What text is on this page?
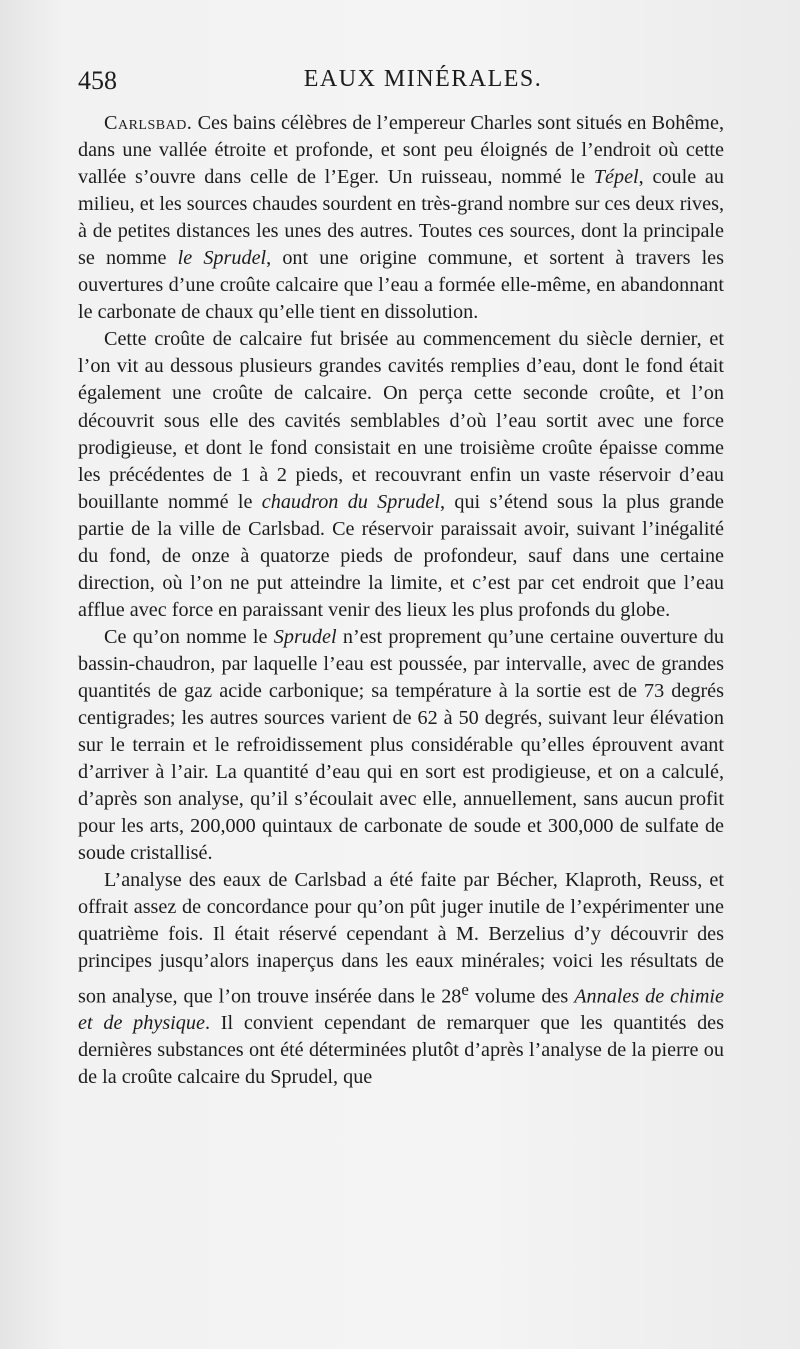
458	EAUX MINÉRALES.

Carlsbad. Ces bains célèbres de l’empereur Charles sont situés en Bohême, dans une vallée étroite et profonde, et sont peu éloignés de l’endroit où cette vallée s’ouvre dans celle de l’Eger. Un ruisseau, nommé le Tépel, coule au milieu, et les sources chaudes sourdent en très-grand nombre sur ces deux rives, à de petites distances les unes des autres. Toutes ces sources, dont la principale se nomme le Sprudel, ont une origine commune, et sortent à travers les ouvertures d’une croûte calcaire que l’eau a formée elle-même, en abandonnant le carbonate de chaux qu’elle tient en dissolution.

Cette croûte de calcaire fut brisée au commencement du siècle dernier, et l’on vit au dessous plusieurs grandes cavités remplies d’eau, dont le fond était également une croûte de calcaire. On perça cette seconde croûte, et l’on découvrit sous elle des cavités semblables d’où l’eau sortit avec une force prodigieuse, et dont le fond consistait en une troisième croûte épaisse comme les précédentes de 1 à 2 pieds, et recouvrant enfin un vaste réservoir d’eau bouillante nommé le chaudron du Sprudel, qui s’étend sous la plus grande partie de la ville de Carlsbad. Ce réservoir paraissait avoir, suivant l’inégalité du fond, de onze à quatorze pieds de profondeur, sauf dans une certaine direction, où l’on ne put atteindre la limite, et c’est par cet endroit que l’eau afflue avec force en paraissant venir des lieux les plus profonds du globe.

Ce qu’on nomme le Sprudel n’est proprement qu’une certaine ouverture du bassin-chaudron, par laquelle l’eau est poussée, par intervalle, avec de grandes quantités de gaz acide carbonique; sa température à la sortie est de 73 degrés centigrades; les autres sources varient de 62 à 50 degrés, suivant leur élévation sur le terrain et le refroidissement plus considérable qu’elles éprouvent avant d’arriver à l’air. La quantité d’eau qui en sort est prodigieuse, et on a calculé, d’après son analyse, qu’il s’écoulait avec elle, annuellement, sans aucun profit pour les arts, 200,000 quintaux de carbonate de soude et 300,000 de sulfate de soude cristallisé.

L’analyse des eaux de Carlsbad a été faite par Bécher, Klaproth, Reuss, et offrait assez de concordance pour qu’on pût juger inutile de l’expérimenter une quatrième fois. Il était réservé cependant à M. Berzelius d’y découvrir des principes jusqu’alors inaperçus dans les eaux minérales; voici les résultats de son analyse, que l’on trouve insérée dans le 28e volume des Annales de chimie et de physique. Il convient cependant de remarquer que les quantités des dernières substances ont été déterminées plutôt d’après l’analyse de la pierre ou de la croûte calcaire du Sprudel, que
